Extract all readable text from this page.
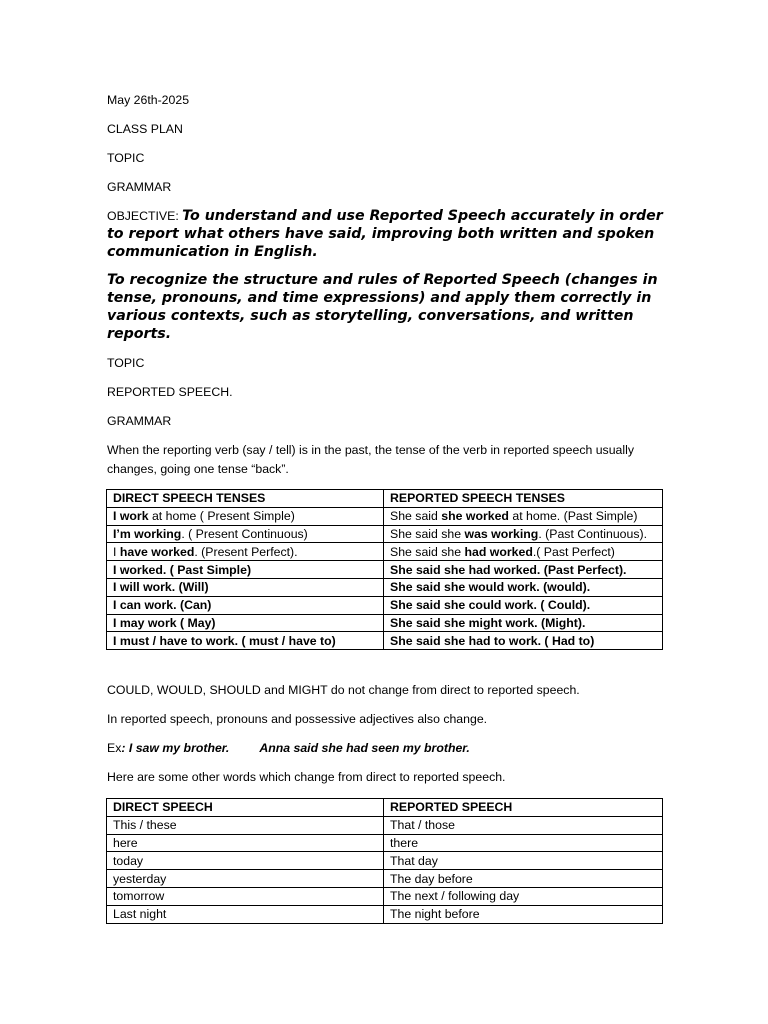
May 26th-2025
CLASS PLAN
TOPIC
GRAMMAR
OBJECTIVE: To understand and use Reported Speech accurately in order to report what others have said, improving both written and spoken communication in English.
To recognize the structure and rules of Reported Speech (changes in tense, pronouns, and time expressions) and apply them correctly in various contexts, such as storytelling, conversations, and written reports.
TOPIC
REPORTED SPEECH.
GRAMMAR
When the reporting verb (say / tell) is in the past, the tense of the verb in reported speech usually changes, going one tense “back”.
DIRECT SPEECH TENSES	REPORTED SPEECH TENSES
I work at home ( Present Simple)	She said she worked at home. (Past Simple)
I’m working. ( Present Continuous)	She said she was working. (Past Continuous).
I have worked. (Present Perfect).	She said she had worked.( Past Perfect)
I worked. ( Past Simple)	She said she had worked. (Past Perfect).
I will work. (Will)	She said she would work. (would).
I can work. (Can)	She said she could work. ( Could).
I may work ( May)	She said she might work. (Might).
I must / have to work. ( must / have to)	She said she had to work. ( Had to)
COULD, WOULD, SHOULD and MIGHT do not change from direct to reported speech.
In reported speech, pronouns and possessive adjectives also change.
Ex: I saw my brother. Anna said she had seen my brother.
Here are some other words which change from direct to reported speech.
DIRECT SPEECH	REPORTED SPEECH
This / these	That / those
here	there
today	That day
yesterday	The day before
tomorrow	The next / following day
Last night	The night before
